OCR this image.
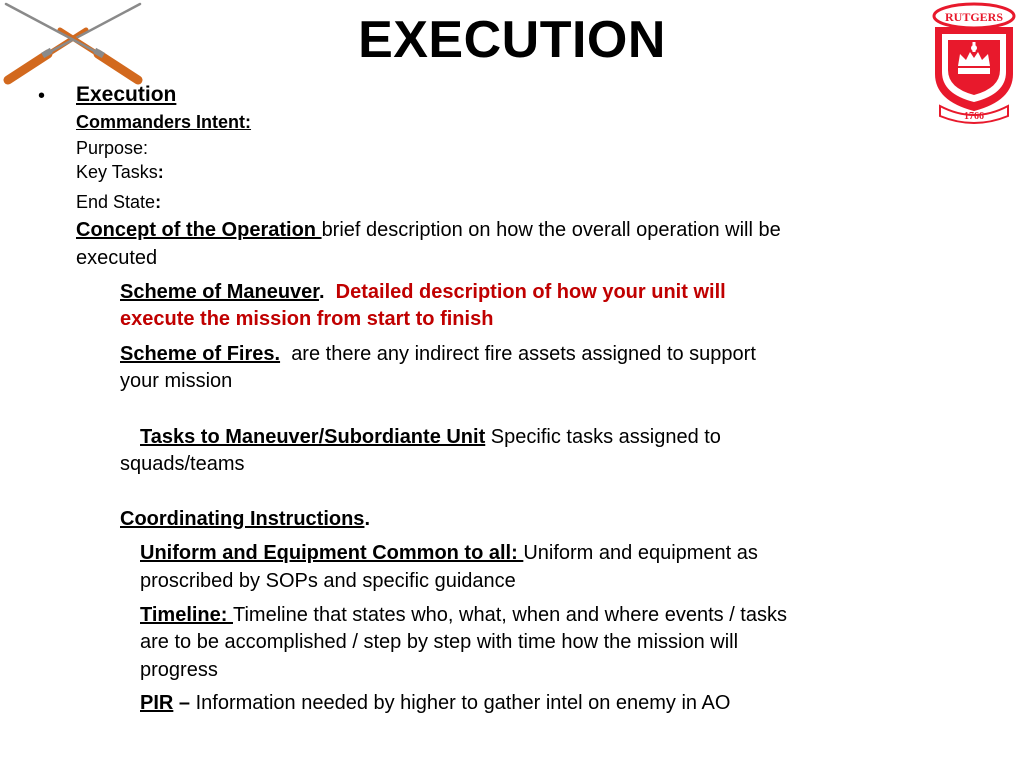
RUTGERS
1766
EXECUTION
• Execution
Commanders Intent:
Purpose:
Key Tasks:
End State:
Concept of the Operation brief description on how the overall operation will be
executed
Scheme of Maneuver. Detailed description of how your unit will
execute the mission from start to finish
Scheme of Fires. are there any indirect fire assets assigned to support
your mission
Tasks to Maneuver/Subordiante Unit Specific tasks assigned to
squads/teams
Coordinating Instructions.
Uniform and Equipment Common to all: Uniform and equipment as
proscribed by SOPs and specific guidance
Timeline: Timeline that states who, what, when and where events / tasks
are to be accomplished / step by step with time how the mission will
progress
PIR – Information needed by higher to gather intel on enemy in AO
